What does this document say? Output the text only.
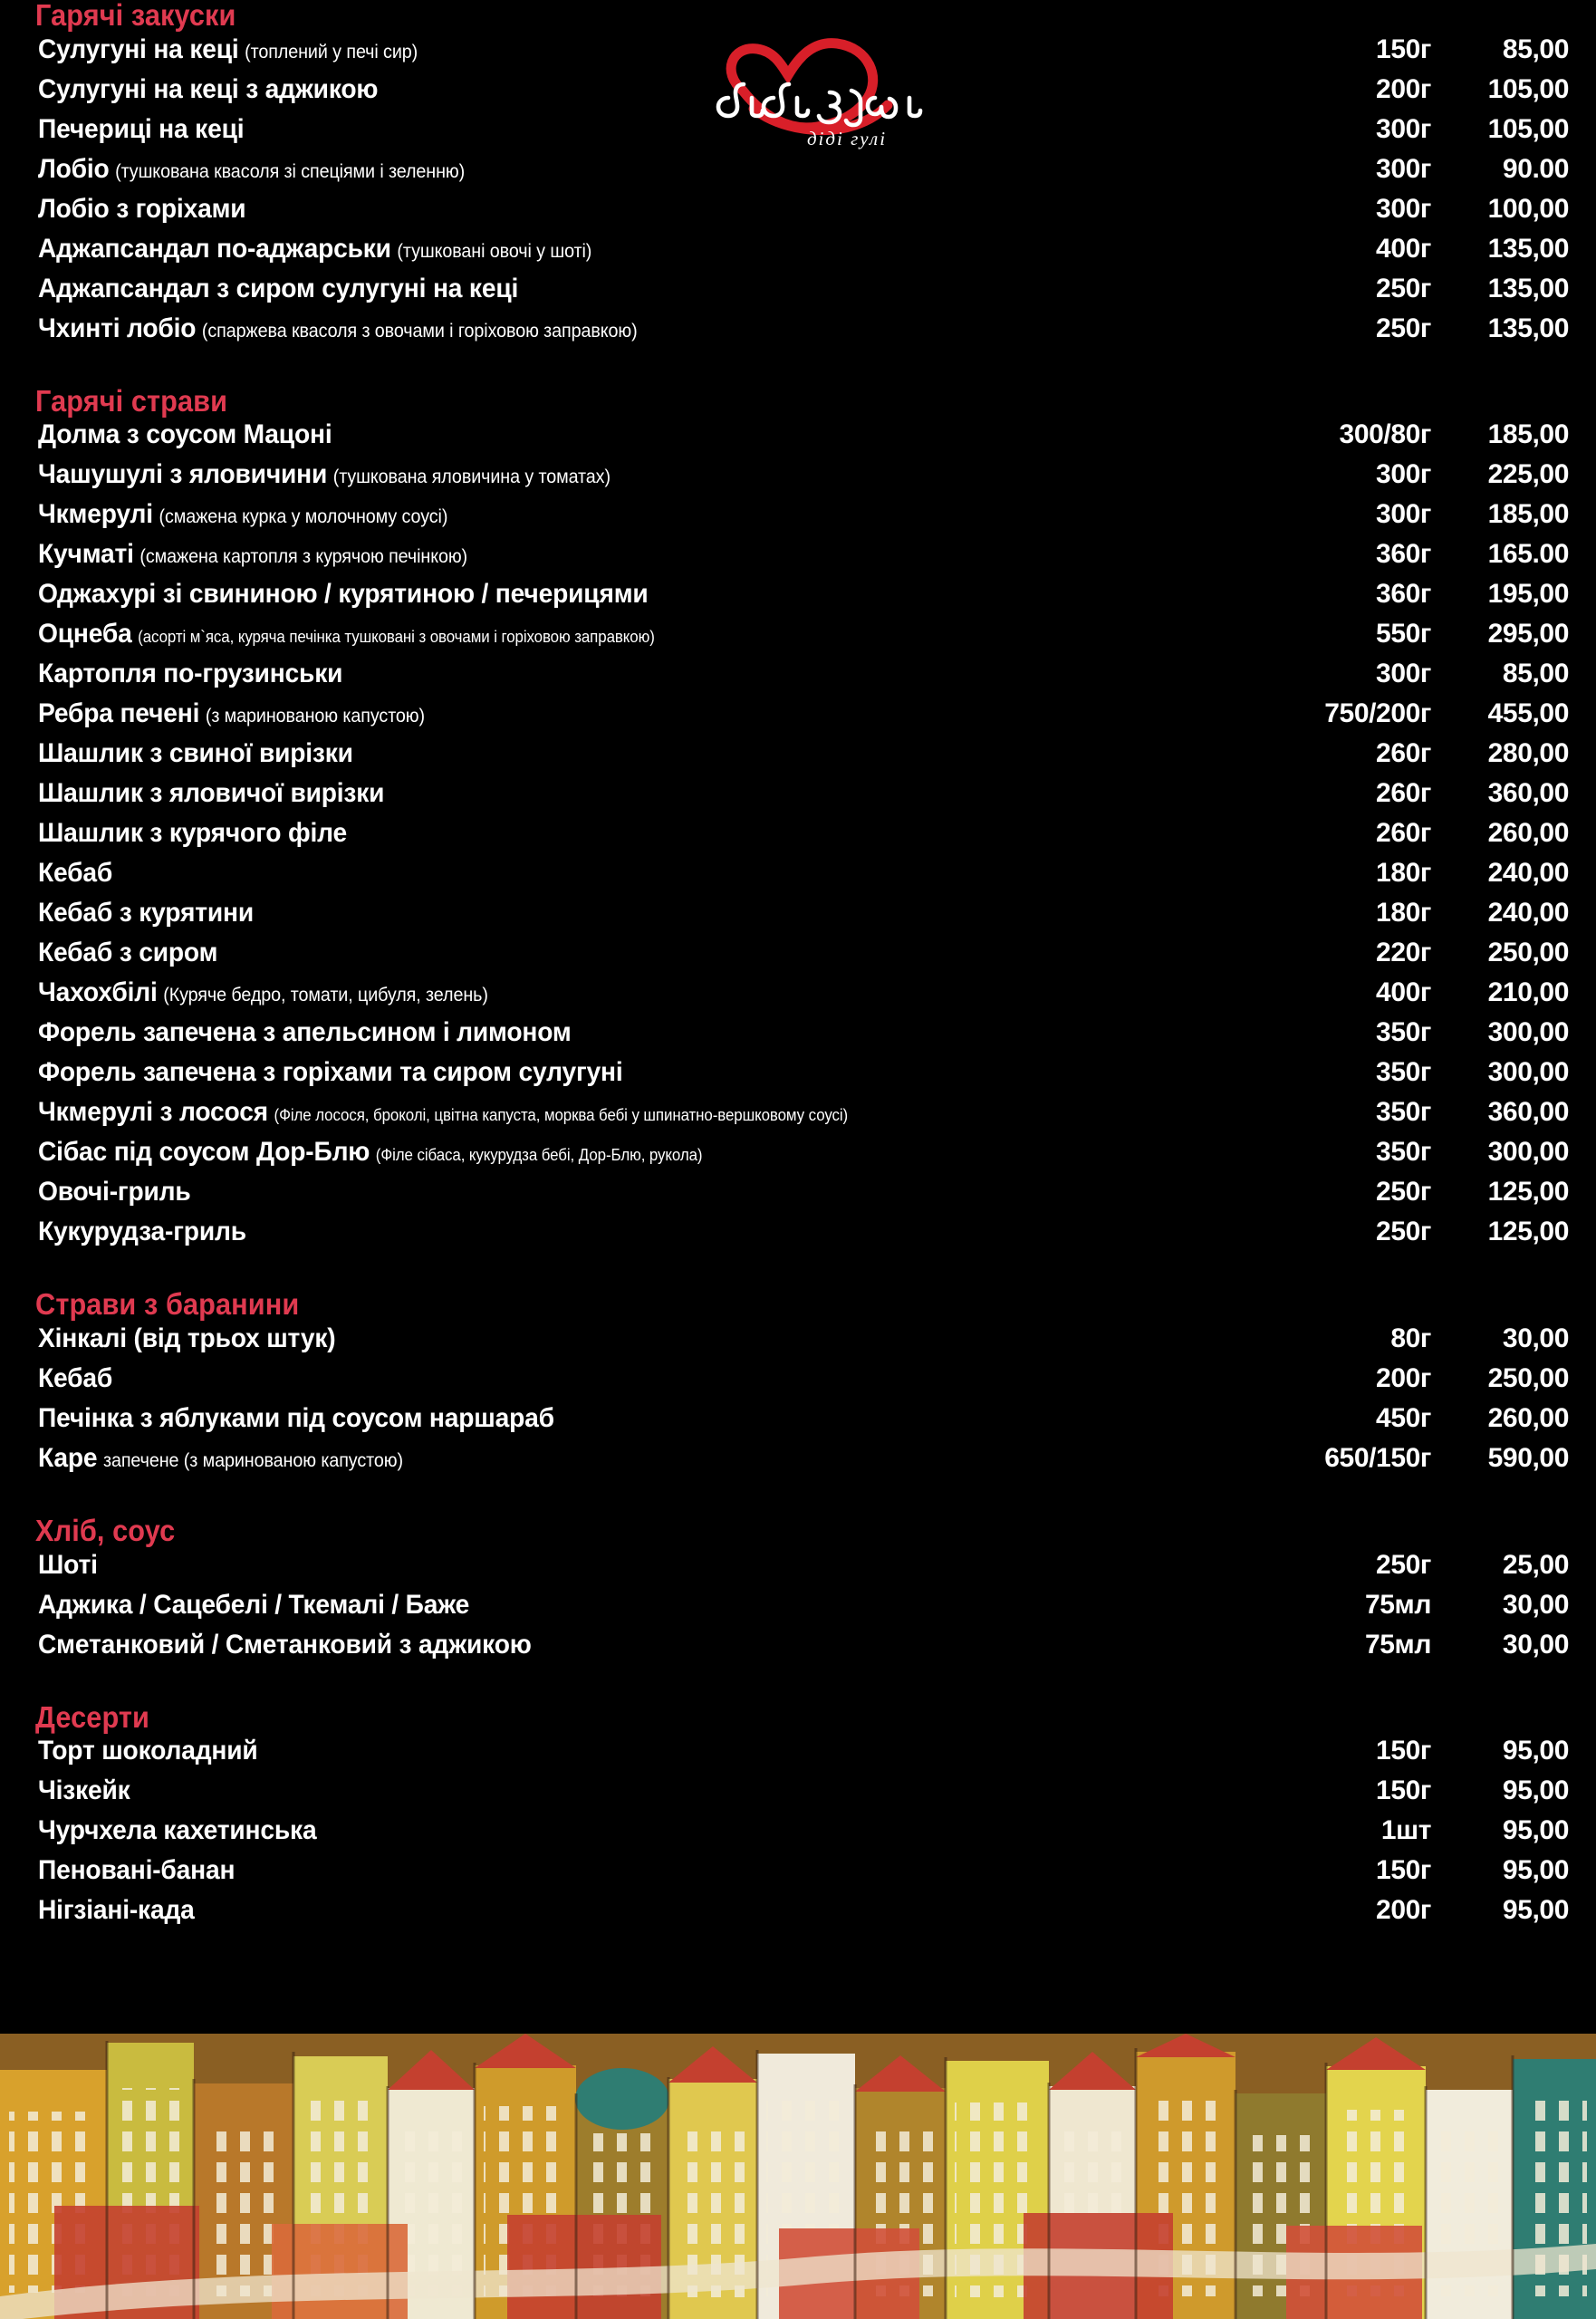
дiдi гулi
Гарячі закуски
Сулугуні на кеці (топлений у печі сир)	150г	85,00
Сулугуні на кеці з аджикою	200г	105,00
Печериці на кеці	300г	105,00
Лобіо (тушкована квасоля зі спеціями і зеленню)	300г	90.00
Лобіо з горіхами	300г	100,00
Аджапсандал по-аджарськи (тушковані овочі у шоті)	400г	135,00
Аджапсандал з сиром сулугуні на кеці	250г	135,00
Чхинті лобіо (спаржева квасоля з овочами і горіховою заправкою)	250г	135,00
Гарячі страви
Долма з соусом Мацоні	300/80г	185,00
Чашушулі з яловичини (тушкована яловичина у томатах)	300г	225,00
Чкмерулі (смажена курка у молочному соусі)	300г	185,00
Кучматі (смажена картопля з курячою печінкою)	360г	165.00
Оджахурі зі свининою / курятиною / печерицями	360г	195,00
Оцнеба (асорті м`яса, куряча печінка тушковані з овочами і горіховою заправкою)	550г	295,00
Картопля по-грузинськи	300г	85,00
Ребра печені (з маринованою капустою)	750/200г	455,00
Шашлик з свиної вирізки	260г	280,00
Шашлик з яловичої вирізки	260г	360,00
Шашлик з курячого філе	260г	260,00
Кебаб	180г	240,00
Кебаб з курятини	180г	240,00
Кебаб з сиром	220г	250,00
Чахохбілі (Куряче бедро, томати, цибуля, зелень)	400г	210,00
Форель запечена з апельсином і лимоном	350г	300,00
Форель запечена з горіхами та сиром сулугуні	350г	300,00
Чкмерулі з лосося (Філе лосося, броколі, цвітна капуста, морква бебі у шпинатно-вершковому соусі)	350г	360,00
Сібас під соусом Дор-Блю (Філе сібаса, кукурудза бебі, Дор-Блю, рукола)	350г	300,00
Овочі-гриль	250г	125,00
Кукурудза-гриль	250г	125,00
Страви з баранини
Хінкалі (від трьох штук)	80г	30,00
Кебаб	200г	250,00
Печінка з яблуками під соусом наршараб	450г	260,00
Каре запечене (з маринованою капустою)	650/150г	590,00
Хліб, соус
Шоті	250г	25,00
Аджика / Сацебелі / Ткемалі / Баже	75мл	30,00
Сметанковий / Сметанковий з аджикою	75мл	30,00
Десерти
Торт шоколадний	150г	95,00
Чізкейк	150г	95,00
Чурчхела кахетинська	1шт	95,00
Пеновані-банан	150г	95,00
Нігзіані-када	200г	95,00
